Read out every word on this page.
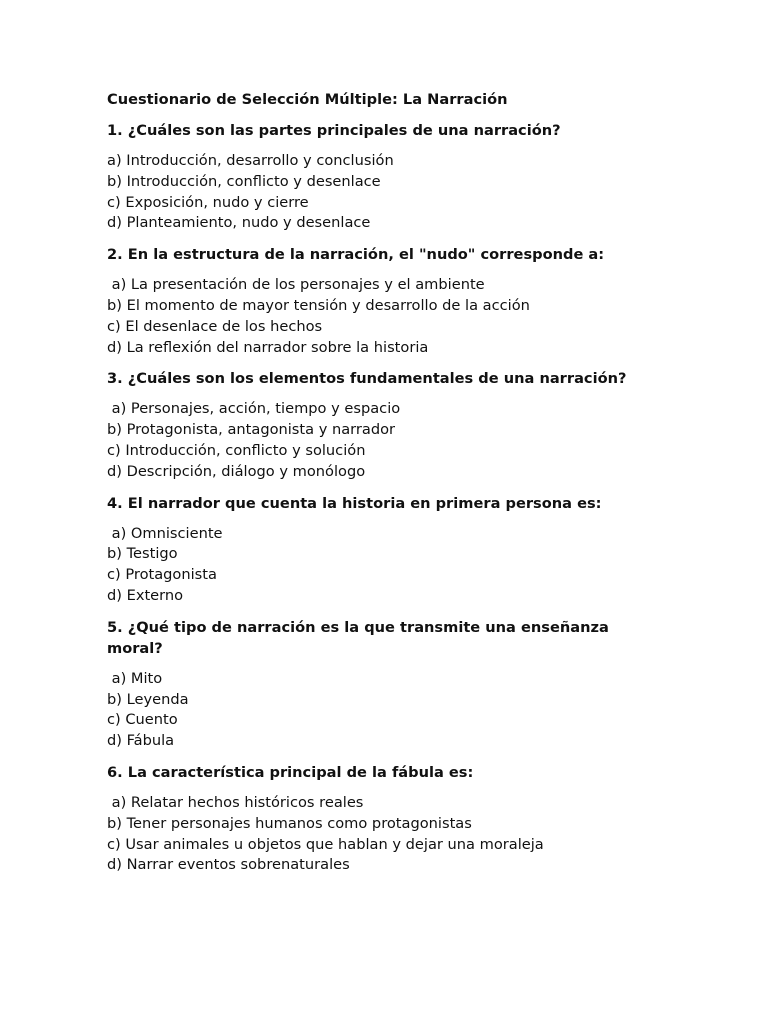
Cuestionario de Selección Múltiple: La Narración
1. ¿Cuáles son las partes principales de una narración?
a) Introducción, desarrollo y conclusión
b) Introducción, conflicto y desenlace
c) Exposición, nudo y cierre
d) Planteamiento, nudo y desenlace
2. En la estructura de la narración, el "nudo" corresponde a:
a) La presentación de los personajes y el ambiente
b) El momento de mayor tensión y desarrollo de la acción
c) El desenlace de los hechos
d) La reflexión del narrador sobre la historia
3. ¿Cuáles son los elementos fundamentales de una narración?
a) Personajes, acción, tiempo y espacio
b) Protagonista, antagonista y narrador
c) Introducción, conflicto y solución
d) Descripción, diálogo y monólogo
4. El narrador que cuenta la historia en primera persona es:
a) Omnisciente
b) Testigo
c) Protagonista
d) Externo
5. ¿Qué tipo de narración es la que transmite una enseñanza moral?
a) Mito
b) Leyenda
c) Cuento
d) Fábula
6. La característica principal de la fábula es:
a) Relatar hechos históricos reales
b) Tener personajes humanos como protagonistas
c) Usar animales u objetos que hablan y dejar una moraleja
d) Narrar eventos sobrenaturales
